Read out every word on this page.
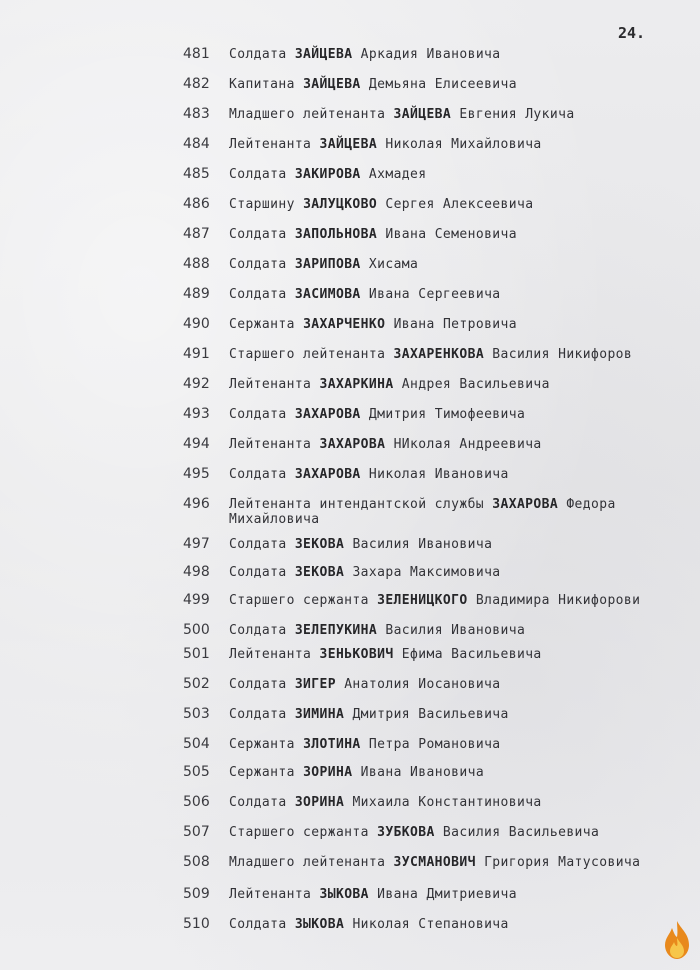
24.
481 Солдата ЗАЙЦЕВА Аркадия Ивановича
482 Капитана ЗАЙЦЕВА Демьяна Елисеевича
483 Младшего лейтенанта ЗАЙЦЕВА Евгения Лукича
484 Лейтенанта ЗАЙЦЕВА Николая Михайловича
485 Солдата ЗАКИРОВА Ахмадея
486 Старшину ЗАЛУЦКОВО Сергея Алексеевича
487 Солдата ЗАПОЛЬНОВА Ивана Семеновича
488 Солдата ЗАРИПОВА Хисама
489 Солдата ЗАСИМОВА Ивана Сергеевича
490 Сержанта ЗАХАРЧЕНКО Ивана Петровича
491 Старшего лейтенанта ЗАХАРЕНКОВА Василия Никифоров
492 Лейтенанта ЗАХАРКИНА Андрея Васильевича
493 Солдата ЗАХАРОВА Дмитрия Тимофеевича
494 Лейтенанта ЗАХАРОВА НИколая Андреевича
495 Солдата ЗАХАРОВА Николая Ивановича
496 Лейтенанта интендантской службы ЗАХАРОВА Федора
Михайловича
497 Солдата ЗЕКОВА Василия Ивановича
498 Солдата ЗЕКОВА Захара Максимовича
499 Старшего сержанта ЗЕЛЕНИЦКОГО Владимира Никифорови
500 Солдата ЗЕЛЕПУКИНА Василия Ивановича
501 Лейтенанта ЗЕНЬКОВИЧ Ефима Васильевича
502 Солдата ЗИГЕР Анатолия Иосановича
503 Солдата ЗИМИНА Дмитрия Васильевича
504 Сержанта ЗЛОТИНА Петра Романовича
505 Сержанта ЗОРИНА Ивана Ивановича
506 Солдата ЗОРИНА Михаила Константиновича
507 Старшего сержанта ЗУБКОВА Василия Васильевича
508 Младшего лейтенанта ЗУСМАНОВИЧ Григория Матусовича
509 Лейтенанта ЗЫКОВА Ивана Дмитриевича
510 Солдата ЗЫКОВА Николая Степановича
